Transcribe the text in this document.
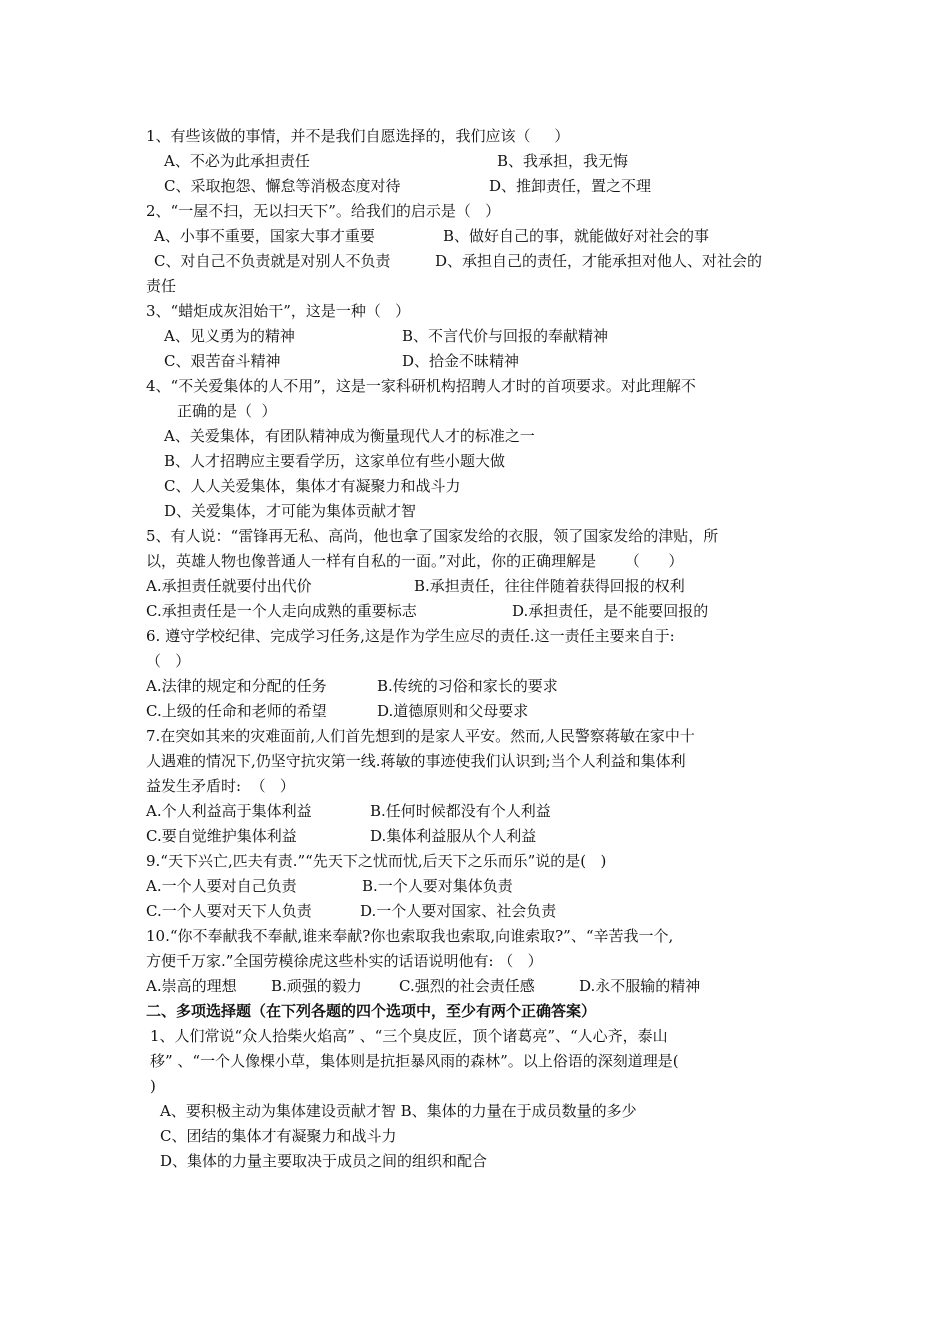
1、有些该做的事情，并不是我们自愿选择的，我们应该（     ）
A、不必为此承担责任	B、我承担，我无悔
C、采取抱怨、懈怠等消极态度对待	D、推卸责任，置之不理
2、“一屋不扫，无以扫天下”。给我们的启示是（   ）
A、小事不重要，国家大事才重要	B、做好自己的事，就能做好对社会的事
C、对自己不负责就是对别人不负责	D、承担自己的责任，才能承担对他人、对社会的
责任
3、“蜡炬成灰泪始干”，这是一种（   ）
A、见义勇为的精神	B、不言代价与回报的奉献精神
C、艰苦奋斗精神	D、拾金不昧精神
4、“不关爱集体的人不用”，这是一家科研机构招聘人才时的首项要求。对此理解不
正确的是（  ）
A、关爱集体，有团队精神成为衡量现代人才的标准之一
B、人才招聘应主要看学历，这家单位有些小题大做
C、人人关爱集体，集体才有凝聚力和战斗力
D、关爱集体，才可能为集体贡献才智
5、有人说：“雷锋再无私、高尚，他也拿了国家发给的衣服，领了国家发给的津贴，所
以，英雄人物也像普通人一样有自私的一面。”对此，你的正确理解是      （      ）
A.承担责任就要付出代价	B.承担责任，往往伴随着获得回报的权利
C.承担责任是一个人走向成熟的重要标志	D.承担责任，是不能要回报的
6. 遵守学校纪律、完成学习任务,这是作为学生应尽的责任.这一责任主要来自于:
（   ）
A.法律的规定和分配的任务	B.传统的习俗和家长的要求
C.上级的任命和老师的希望	D.道德原则和父母要求
7.在突如其来的灾难面前,人们首先想到的是家人平安。然而,人民警察蒋敏在家中十
人遇难的情况下,仍坚守抗灾第一线.蒋敏的事迹使我们认识到;当个人利益和集体利
益发生矛盾时:  （   ）
A.个人利益高于集体利益	B.任何时候都没有个人利益
C.要自觉维护集体利益	D.集体利益服从个人利益
9.“天下兴亡,匹夫有责.”“先天下之忧而忧,后天下之乐而乐”说的是(   )
A.一个人要对自己负责	B.一个人要对集体负责
C.一个人要对天下人负责	D.一个人要对国家、社会负责
10.“你不奉献我不奉献,谁来奉献?你也索取我也索取,向谁索取?”、“辛苦我一个,
方便千万家.”全国劳模徐虎这些朴实的话语说明他有: （   ）
A.崇高的理想 B.顽强的毅力 C.强烈的社会责任感	D.永不服输的精神
二、多项选择题（在下列各题的四个选项中，至少有两个正确答案）
1、人们常说“众人拾柴火焰高” 、“三个臭皮匠，顶个诸葛亮”、“人心齐，泰山
移” 、“一个人像棵小草，集体则是抗拒暴风雨的森林”。以上俗语的深刻道理是(
)
A、要积极主动为集体建设贡献才智 B、集体的力量在于成员数量的多少
C、团结的集体才有凝聚力和战斗力
D、集体的力量主要取决于成员之间的组织和配合
